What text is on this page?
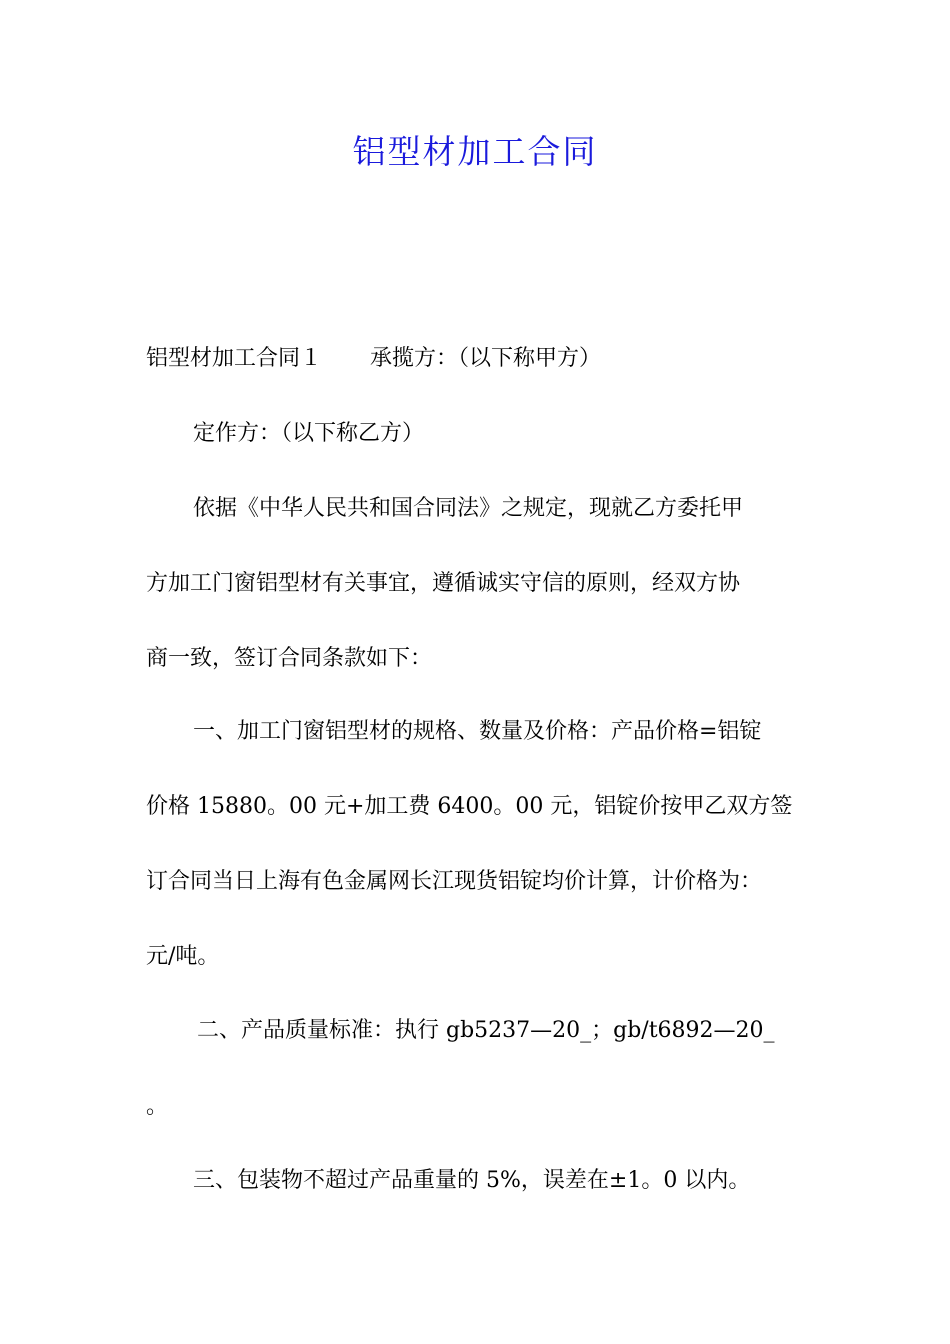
铝型材加工合同

铝型材加工合同１ 承揽方：（以下称甲方）

定作方：（以下称乙方）

依据《中华人民共和国合同法》之规定，现就乙方委托甲

方加工门窗铝型材有关事宜，遵循诚实守信的原则，经双方协

商一致，签订合同条款如下：

一、加工门窗铝型材的规格、数量及价格：产品价格=铝锭

价格 15880。00 元+加工费 6400。00 元，铝锭价按甲乙双方签

订合同当日上海有色金属网长江现货铝锭均价计算，计价格为：

元/吨。

二、产品质量标准：执行 gb5237—20_；gb/t6892—20_

。

三、包装物不超过产品重量的 5%，误差在±1。0 以内。
